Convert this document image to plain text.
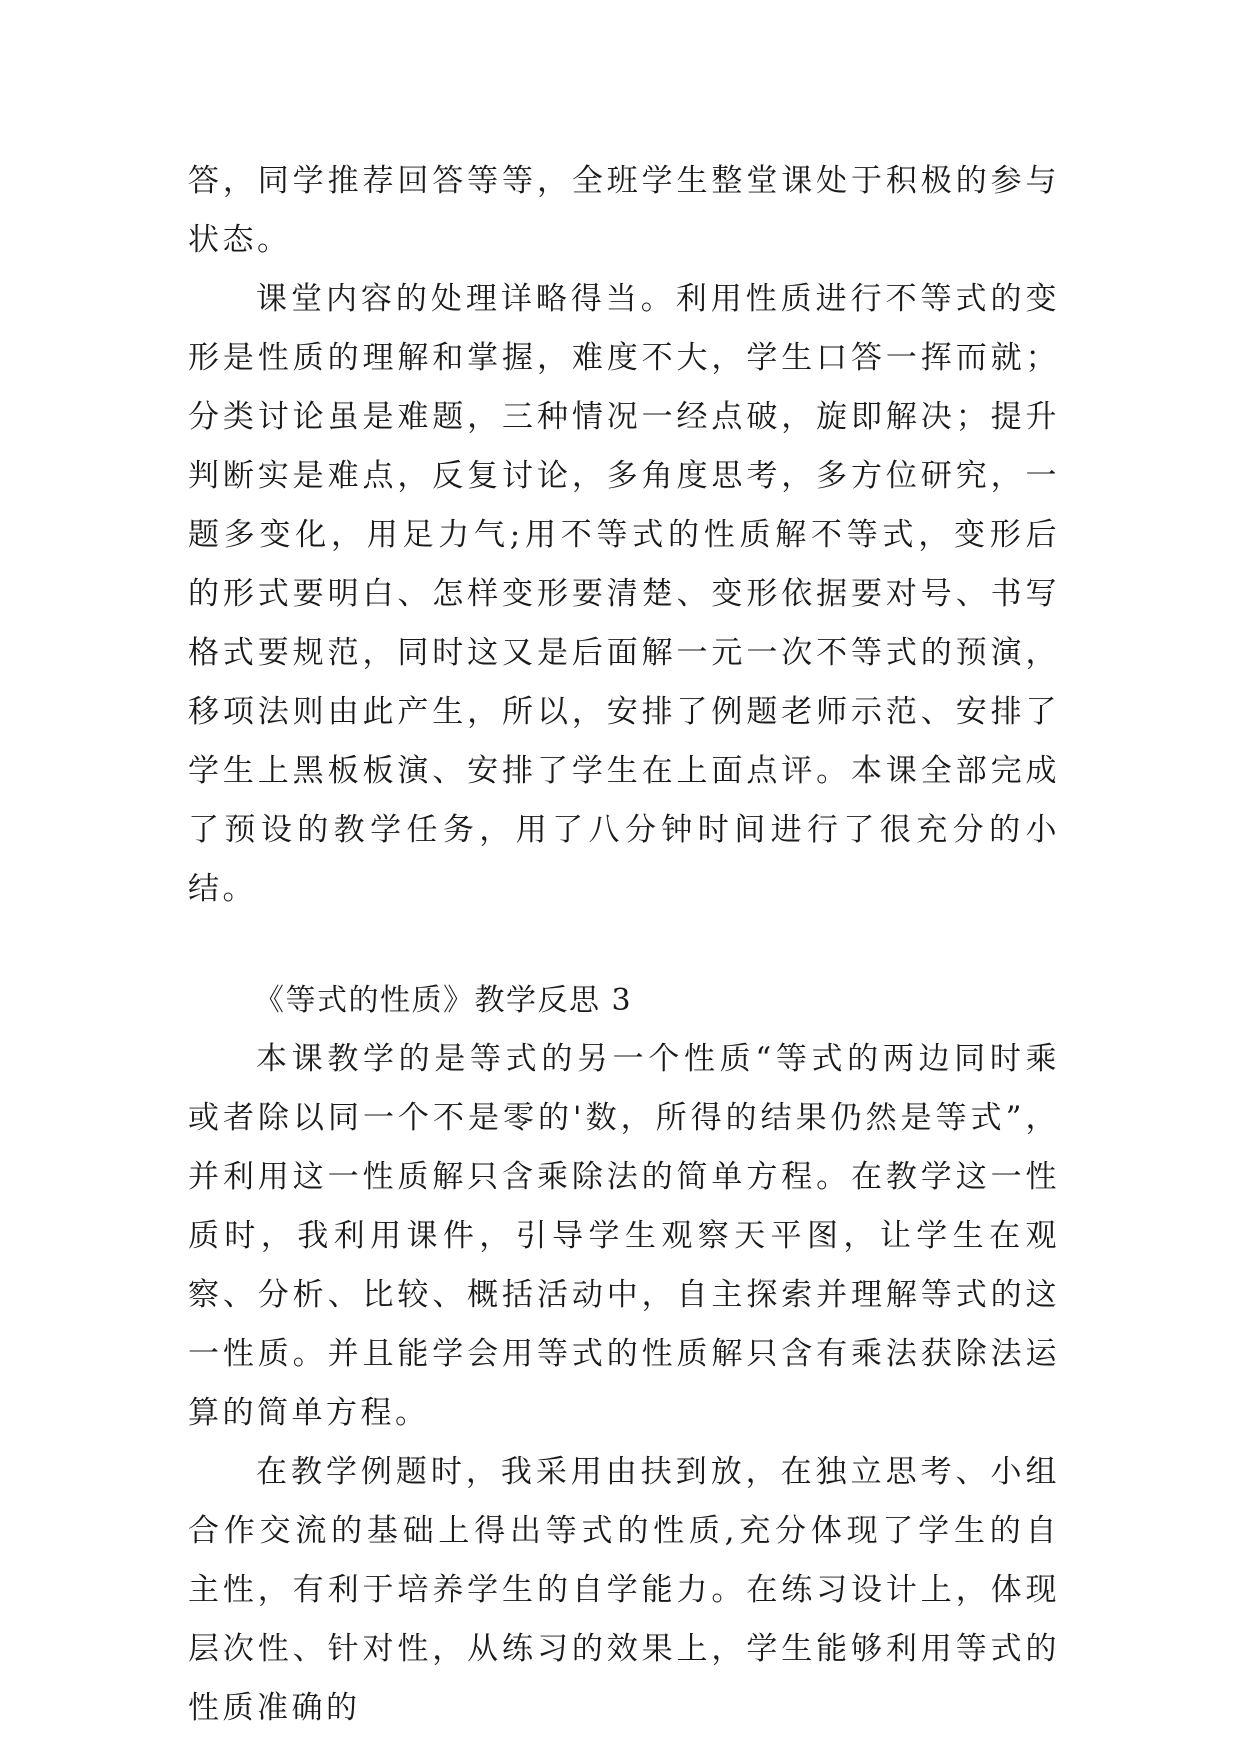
答，同学推荐回答等等，全班学生整堂课处于积极的参与状态。

课堂内容的处理详略得当。利用性质进行不等式的变形是性质的理解和掌握，难度不大，学生口答一挥而就；分类讨论虽是难题，三种情况一经点破，旋即解决；提升判断实是难点，反复讨论，多角度思考，多方位研究，一题多变化，用足力气;用不等式的性质解不等式，变形后的形式要明白、怎样变形要清楚、变形依据要对号、书写格式要规范，同时这又是后面解一元一次不等式的预演，移项法则由此产生，所以，安排了例题老师示范、安排了学生上黑板板演、安排了学生在上面点评。本课全部完成了预设的教学任务，用了八分钟时间进行了很充分的小结。

《等式的性质》教学反思 3

本课教学的是等式的另一个性质“等式的两边同时乘或者除以同一个不是零的'数，所得的结果仍然是等式”，并利用这一性质解只含乘除法的简单方程。在教学这一性质时，我利用课件，引导学生观察天平图，让学生在观察、分析、比较、概括活动中，自主探索并理解等式的这一性质。并且能学会用等式的性质解只含有乘法获除法运算的简单方程。

在教学例题时，我采用由扶到放，在独立思考、小组合作交流的基础上得出等式的性质,充分体现了学生的自主性，有利于培养学生的自学能力。在练习设计上，体现层次性、针对性，从练习的效果上，学生能够利用等式的性质准确的
